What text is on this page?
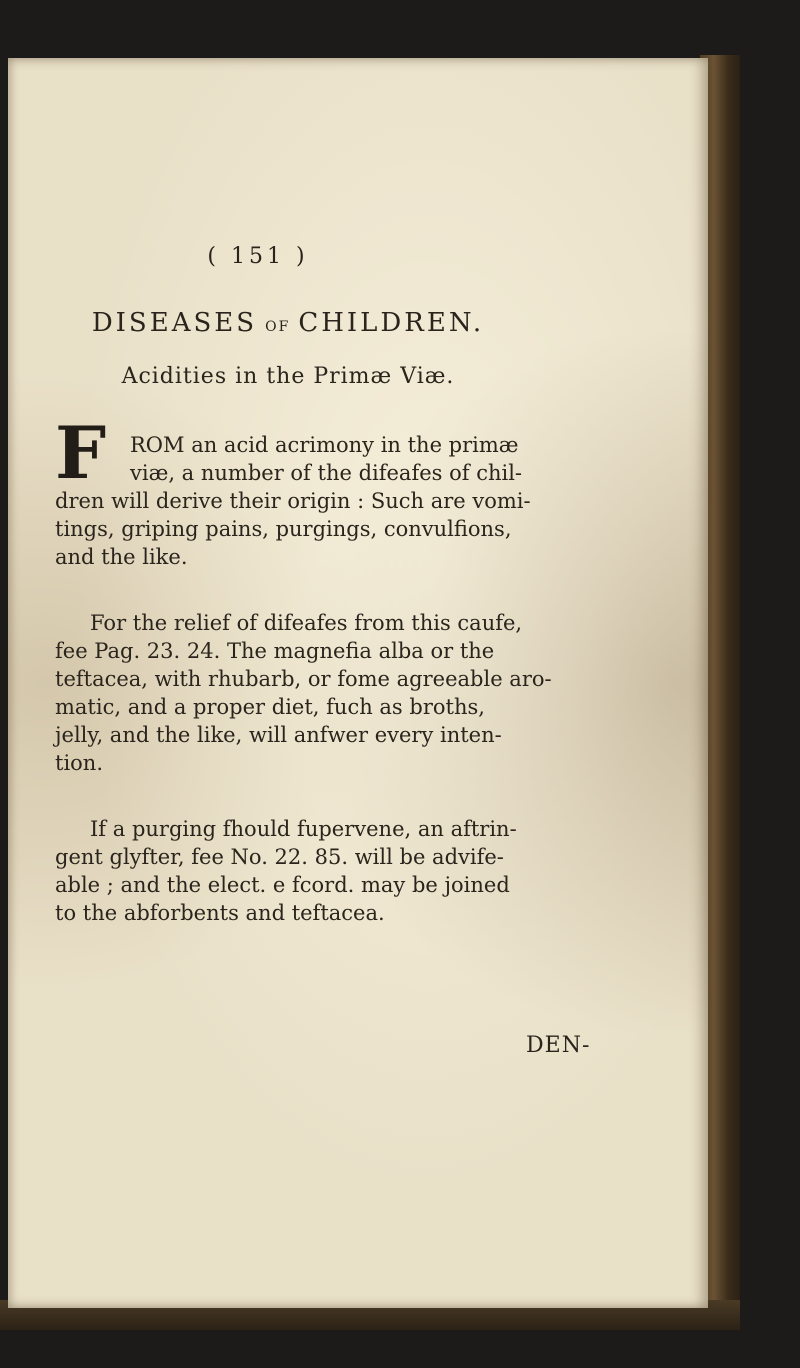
( 151 )
DISEASES OF CHILDREN.
Acidities in the Primæ Viæ.
F ROM an acid acrimony in the primæ
viæ, a number of the difeafes of chil-
dren will derive their origin : Such are vomi-
tings, griping pains, purgings, convulfions,
and the like.
For the relief of difeafes from this caufe,
fee Pag. 23. 24. The magnefia alba or the
teftacea, with rhubarb, or fome agreeable aro-
matic, and a proper diet, fuch as broths,
jelly, and the like, will anfwer every inten-
tion.
If a purging fhould fupervene, an aftrin-
gent glyfter, fee No. 22. 85. will be advife-
able ; and the elect. e fcord. may be joined
to the abforbents and teftacea.
DEN-
